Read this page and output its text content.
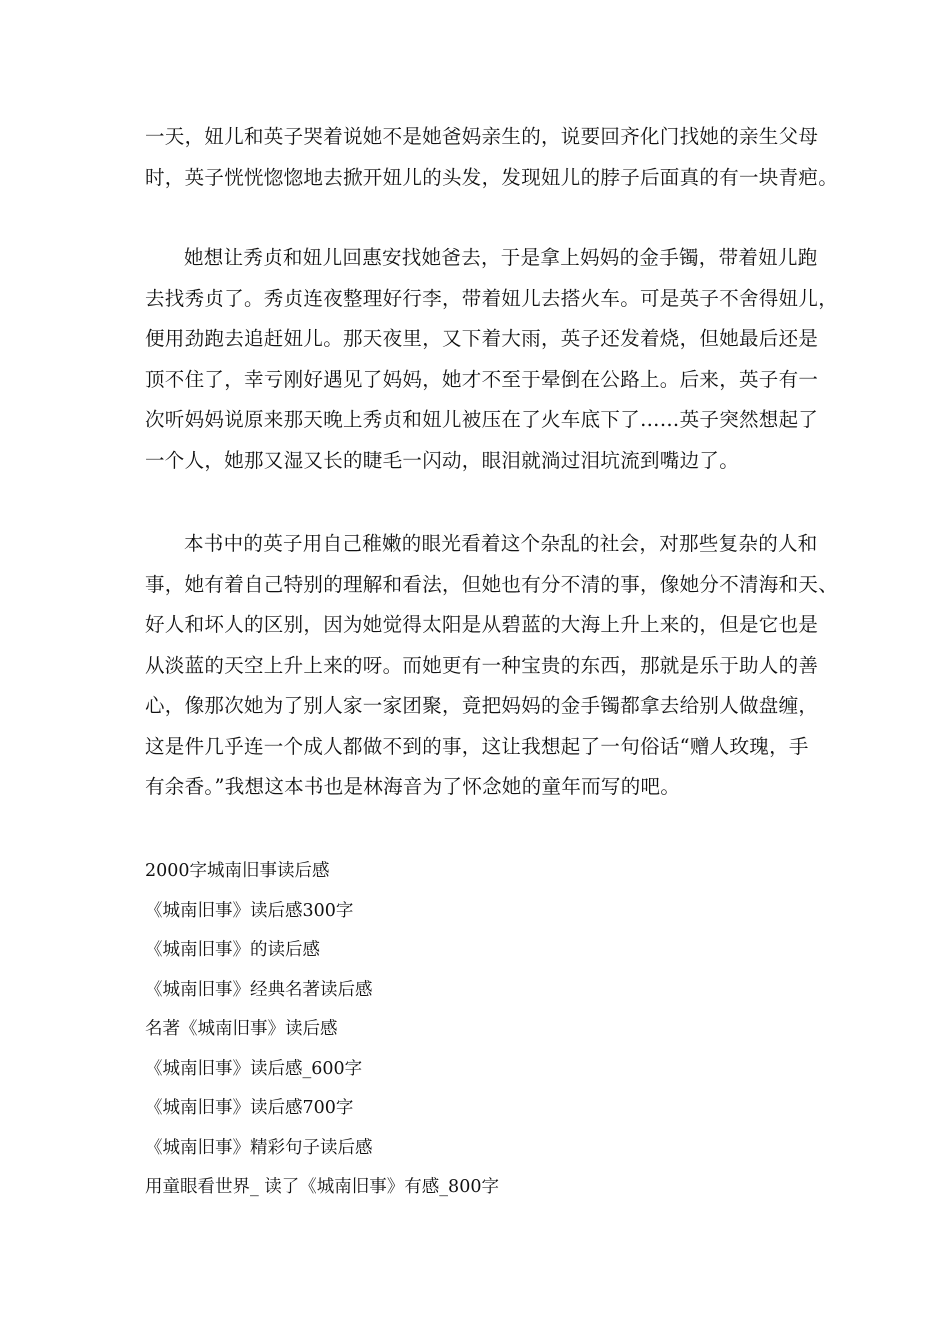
一天，妞儿和英子哭着说她不是她爸妈亲生的，说要回齐化门找她的亲生父母
时，英子恍恍惚惚地去掀开妞儿的头发，发现妞儿的脖子后面真的有一块青疤。

她想让秀贞和妞儿回惠安找她爸去，于是拿上妈妈的金手镯，带着妞儿跑
去找秀贞了。秀贞连夜整理好行李，带着妞儿去搭火车。可是英子不舍得妞儿，
便用劲跑去追赶妞儿。那天夜里，又下着大雨，英子还发着烧，但她最后还是
顶不住了，幸亏刚好遇见了妈妈，她才不至于晕倒在公路上。后来，英子有一
次听妈妈说原来那天晚上秀贞和妞儿被压在了火车底下了……英子突然想起了
一个人，她那又湿又长的睫毛一闪动，眼泪就淌过泪坑流到嘴边了。

本书中的英子用自己稚嫩的眼光看着这个杂乱的社会，对那些复杂的人和
事，她有着自己特别的理解和看法，但她也有分不清的事，像她分不清海和天、
好人和坏人的区别，因为她觉得太阳是从碧蓝的大海上升上来的，但是它也是
从淡蓝的天空上升上来的呀。而她更有一种宝贵的东西，那就是乐于助人的善
心，像那次她为了别人家一家团聚，竟把妈妈的金手镯都拿去给别人做盘缠，
这是件几乎连一个成人都做不到的事，这让我想起了一句俗话“赠人玫瑰，手
有余香。”我想这本书也是林海音为了怀念她的童年而写的吧。

2000字城南旧事读后感
《城南旧事》读后感300字
《城南旧事》的读后感
《城南旧事》经典名著读后感
名著《城南旧事》读后感
《城南旧事》读后感_600字
《城南旧事》读后感700字
《城南旧事》精彩句子读后感
用童眼看世界_ 读了《城南旧事》有感_800字
